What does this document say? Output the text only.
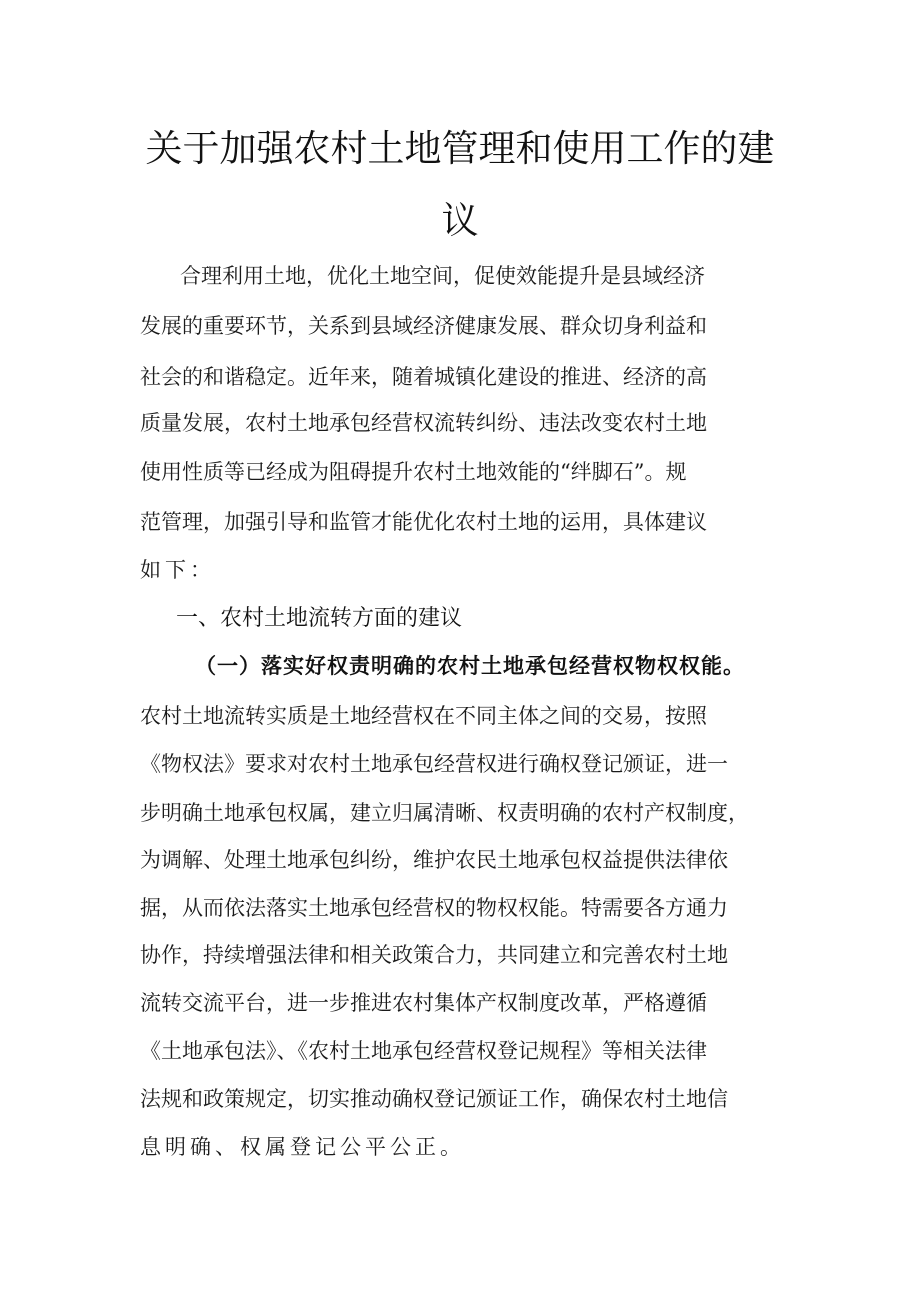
关于加强农村土地管理和使用工作的建
议
合理利用土地，优化土地空间，促使效能提升是县域经济
发展的重要环节，关系到县域经济健康发展、群众切身利益和
社会的和谐稳定。近年来，随着城镇化建设的推进、经济的高
质量发展，农村土地承包经营权流转纠纷、违法改变农村土地
使用性质等已经成为阻碍提升农村土地效能的“绊脚石”。规
范管理，加强引导和监管才能优化农村土地的运用，具体建议
如下：
一、农村土地流转方面的建议
（一）落实好权责明确的农村土地承包经营权物权权能。
农村土地流转实质是土地经营权在不同主体之间的交易，按照
《物权法》要求对农村土地承包经营权进行确权登记颁证，进一
步明确土地承包权属，建立归属清晰、权责明确的农村产权制度，
为调解、处理土地承包纠纷，维护农民土地承包权益提供法律依
据，从而依法落实土地承包经营权的物权权能。特需要各方通力
协作，持续增强法律和相关政策合力，共同建立和完善农村土地
流转交流平台，进一步推进农村集体产权制度改革，严格遵循
《土地承包法》、《农村土地承包经营权登记规程》等相关法律
法规和政策规定，切实推动确权登记颁证工作，确保农村土地信
息明确、权属登记公平公正。
